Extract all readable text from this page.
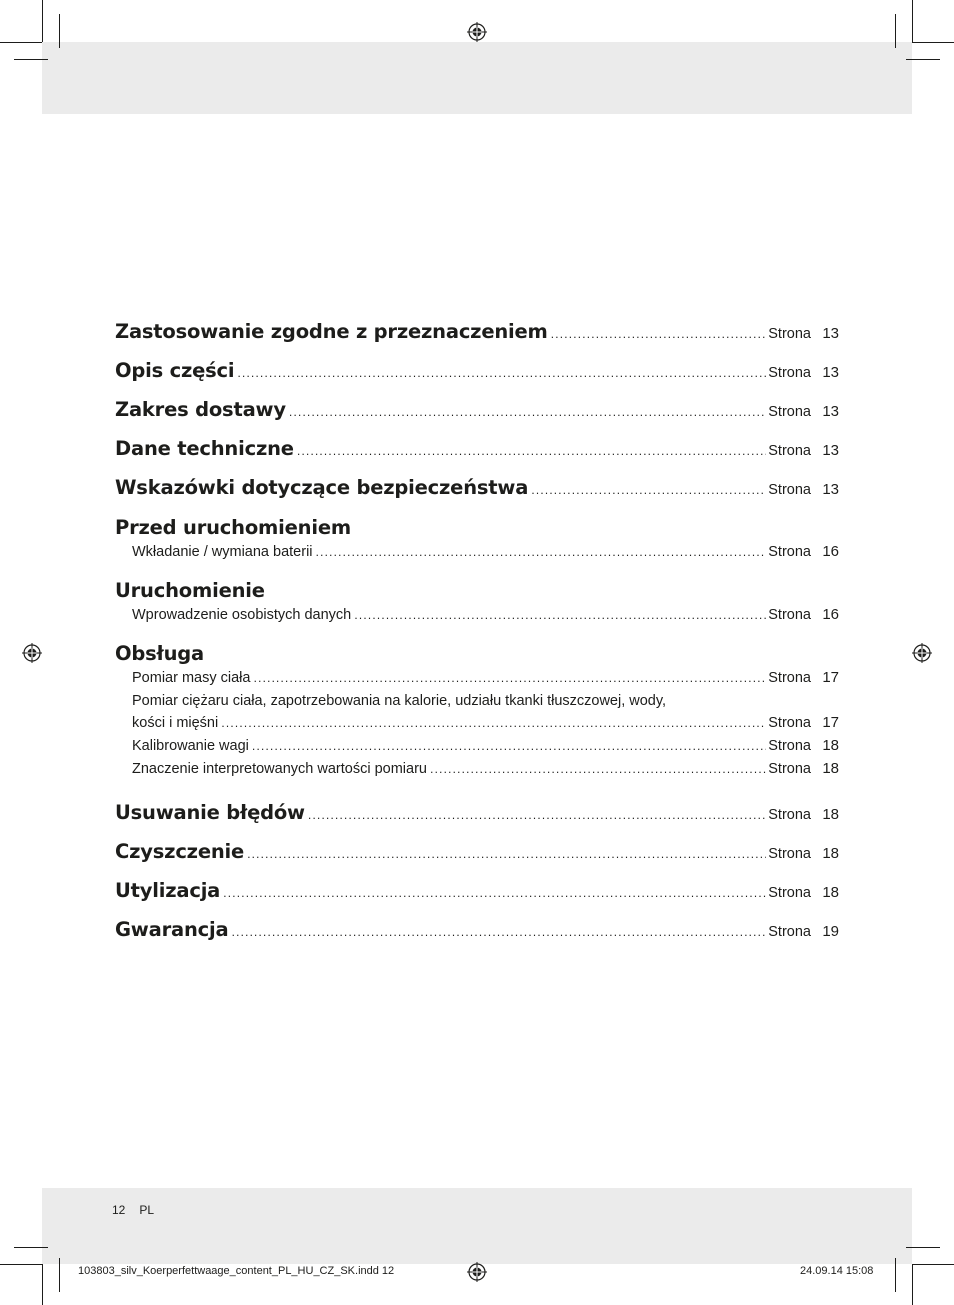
Zastosowanie zgodne z przeznaczeniem .....	Strona 13
Opis części .....	Strona 13
Zakres dostawy .....	Strona 13
Dane techniczne .....	Strona 13
Wskazówki dotyczące bezpieczeństwa .....	Strona 13
Przed uruchomieniem
Wkładanie / wymiana baterii .....	Strona 16
Uruchomienie
Wprowadzenie osobistych danych .....	Strona 16
Obsługa
Pomiar masy ciała .....	Strona 17
Pomiar ciężaru ciała, zapotrzebowania na kalorie, udziału tkanki tłuszczowej, wody,
kości i mięśni .....	Strona 17
Kalibrowanie wagi .....	Strona 18
Znaczenie interpretowanych wartości pomiaru .....	Strona 18
Usuwanie błędów .....	Strona 18
Czyszczenie .....	Strona 18
Utylizacja .....	Strona 18
Gwarancja .....	Strona 19
12 PL
103803_silv_Koerperfettwaage_content_PL_HU_CZ_SK.indd 12	24.09.14 15:08
